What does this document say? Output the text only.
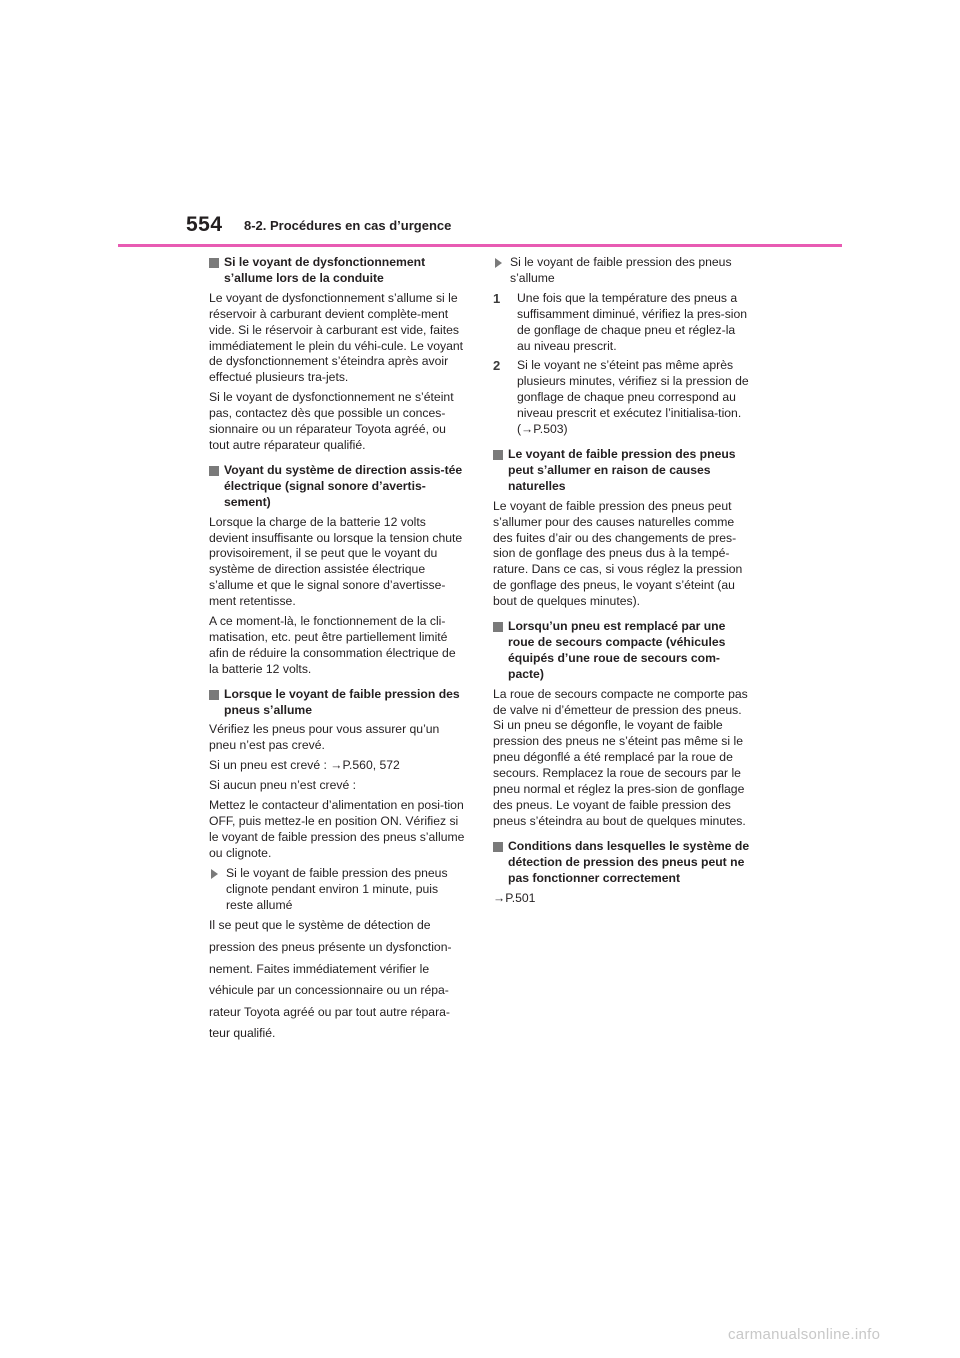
554 8-2. Procédures en cas d’urgence
Si le voyant de dysfonctionnement s’allume lors de la conduite

Le voyant de dysfonctionnement s’allume si le réservoir à carburant devient complète-ment vide. Si le réservoir à carburant est vide, faites immédiatement le plein du véhi-cule. Le voyant de dysfonctionnement s’éteindra après avoir effectué plusieurs tra-jets.

Si le voyant de dysfonctionnement ne s’éteint pas, contactez dès que possible un conces-sionnaire ou un réparateur Toyota agréé, ou tout autre réparateur qualifié.

Voyant du système de direction assis-tée électrique (signal sonore d’avertis-sement)

Lorsque la charge de la batterie 12 volts devient insuffisante ou lorsque la tension chute provisoirement, il se peut que le voyant du système de direction assistée électrique s’allume et que le signal sonore d’avertisse-ment retentisse.

A ce moment-là, le fonctionnement de la cli-matisation, etc. peut être partiellement limité afin de réduire la consommation électrique de la batterie 12 volts.

Lorsque le voyant de faible pression des pneus s’allume

Vérifiez les pneus pour vous assurer qu’un pneu n’est pas crevé.

Si un pneu est crevé : →P.560, 572

Si aucun pneu n’est crevé :

Mettez le contacteur d’alimentation en posi-tion OFF, puis mettez-le en position ON. Vérifiez si le voyant de faible pression des pneus s’allume ou clignote.

Si le voyant de faible pression des pneus clignote pendant environ 1 minute, puis reste allumé

Il se peut que le système de détection de

pression des pneus présente un dysfonction-

nement. Faites immédiatement vérifier le

véhicule par un concessionnaire ou un répa-

rateur Toyota agréé ou par tout autre répara-

teur qualifié.

Si le voyant de faible pression des pneus s’allume
1	Une fois que la température des pneus a suffisamment diminué, vérifiez la pres-sion de gonflage de chaque pneu et réglez-la au niveau prescrit.
2	Si le voyant ne s’éteint pas même après plusieurs minutes, vérifiez si la pression de gonflage de chaque pneu correspond au niveau prescrit et exécutez l’initialisa-tion. (→P.503)
Le voyant de faible pression des pneus peut s’allumer en raison de causes naturelles

Le voyant de faible pression des pneus peut s’allumer pour des causes naturelles comme des fuites d’air ou des changements de pres-sion de gonflage des pneus dus à la tempé-rature. Dans ce cas, si vous réglez la pression de gonflage des pneus, le voyant s’éteint (au bout de quelques minutes).

Lorsqu’un pneu est remplacé par une roue de secours compacte (véhicules équipés d’une roue de secours com-pacte)

La roue de secours compacte ne comporte pas de valve ni d’émetteur de pression des pneus. Si un pneu se dégonfle, le voyant de faible pression des pneus ne s’éteint pas même si le pneu dégonflé a été remplacé par la roue de secours. Remplacez la roue de secours par le pneu normal et réglez la pres-sion de gonflage des pneus. Le voyant de faible pression des pneus s’éteindra au bout de quelques minutes.

Conditions dans lesquelles le système de détection de pression des pneus peut ne pas fonctionner correctement

→P.501

carmanualsonline.info
